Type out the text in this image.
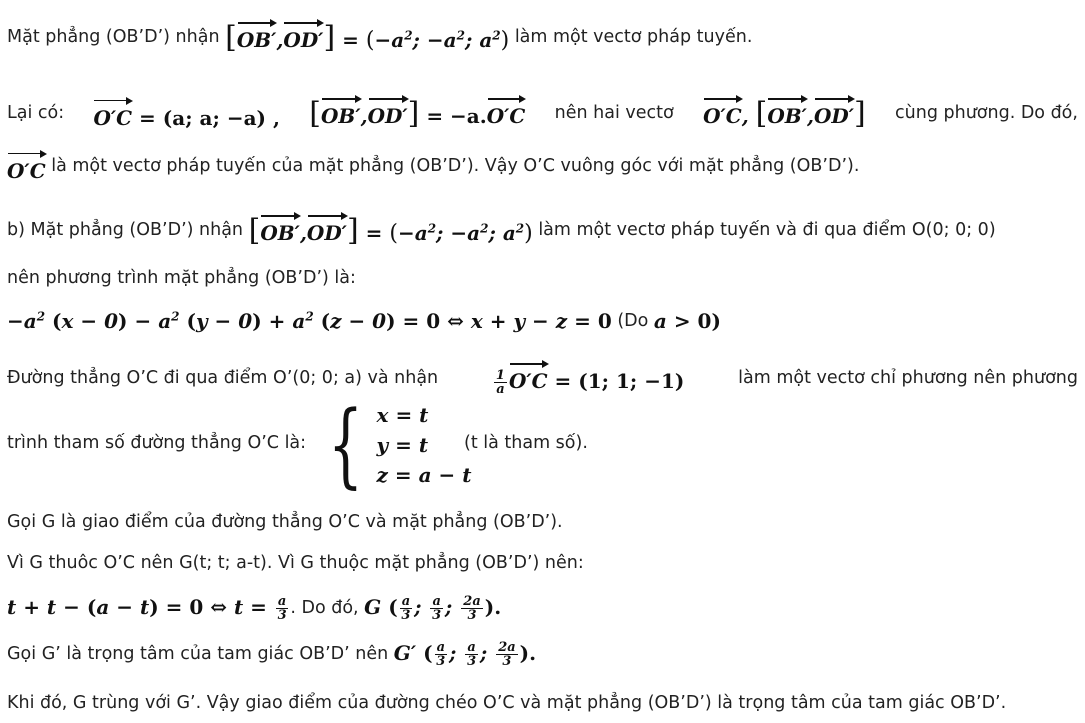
Mặt phẳng (OB’D’) nhận
$[OB',OD'] = (-a^2$; $-a^2$; $a^2$)
làm một vectơ pháp tuyến.
Lại có: O′C = (a; a; −a) , [OB′,OD′] = −a.O′C nên hai vectơ O′C, [OB′,OD′] cùng phương. Do đó,
O′C
là một vectơ pháp tuyến của mặt phẳng (OB’D’). Vậy O’C vuông góc với mặt phẳng (OB’D’).
b) Mặt phẳng (OB’D’) nhận
$[OB',OD'] = (-a^2$; $-a^2$; $a^2$)
làm một vectơ pháp tuyến và đi qua điểm O(0; 0; 0)
nên phương trình mặt phẳng (OB’D’) là:
$-a^2$ $(x - 0) - a^2$ $(y - 0) + a^2$ (z − 0) = 0 ⇔ x + y − z = 0
(Do
a > 0)
Đường thẳng O’C đi qua điểm O’(0; 0; a) và nhận	$\frac{1}{a} O'C = (1$; 1; −1)	làm một vectơ chỉ phương nên phương
trình tham số đường thẳng O’C là: { x = t
y = t
z = a − t
(t là tham số).
Gọi G là giao điểm của đường thẳng O’C và mặt phẳng (OB’D’).
Vì G thuôc O’C nên G(t; t; a-t). Vì G thuộc mặt phẳng (OB’D’) nên:
t + t − (a − t) = 0 ⇔ $t = \frac{a}{3}$ . Do đó,
G ( $\frac{a}{3}$ ; $\frac{a}{3}$ ; $\frac{2a}{3}$ ).
Gọi G’ là trọng tâm của tam giác OB’D’ nên
G′ ( $\frac{a}{3}$ ; $\frac{a}{3}$ ; $\frac{2a}{3}$ ).
Khi đó, G trùng với G’. Vậy giao điểm của đường chéo O’C và mặt phẳng (OB’D’) là trọng tâm của tam giác OB’D’.
